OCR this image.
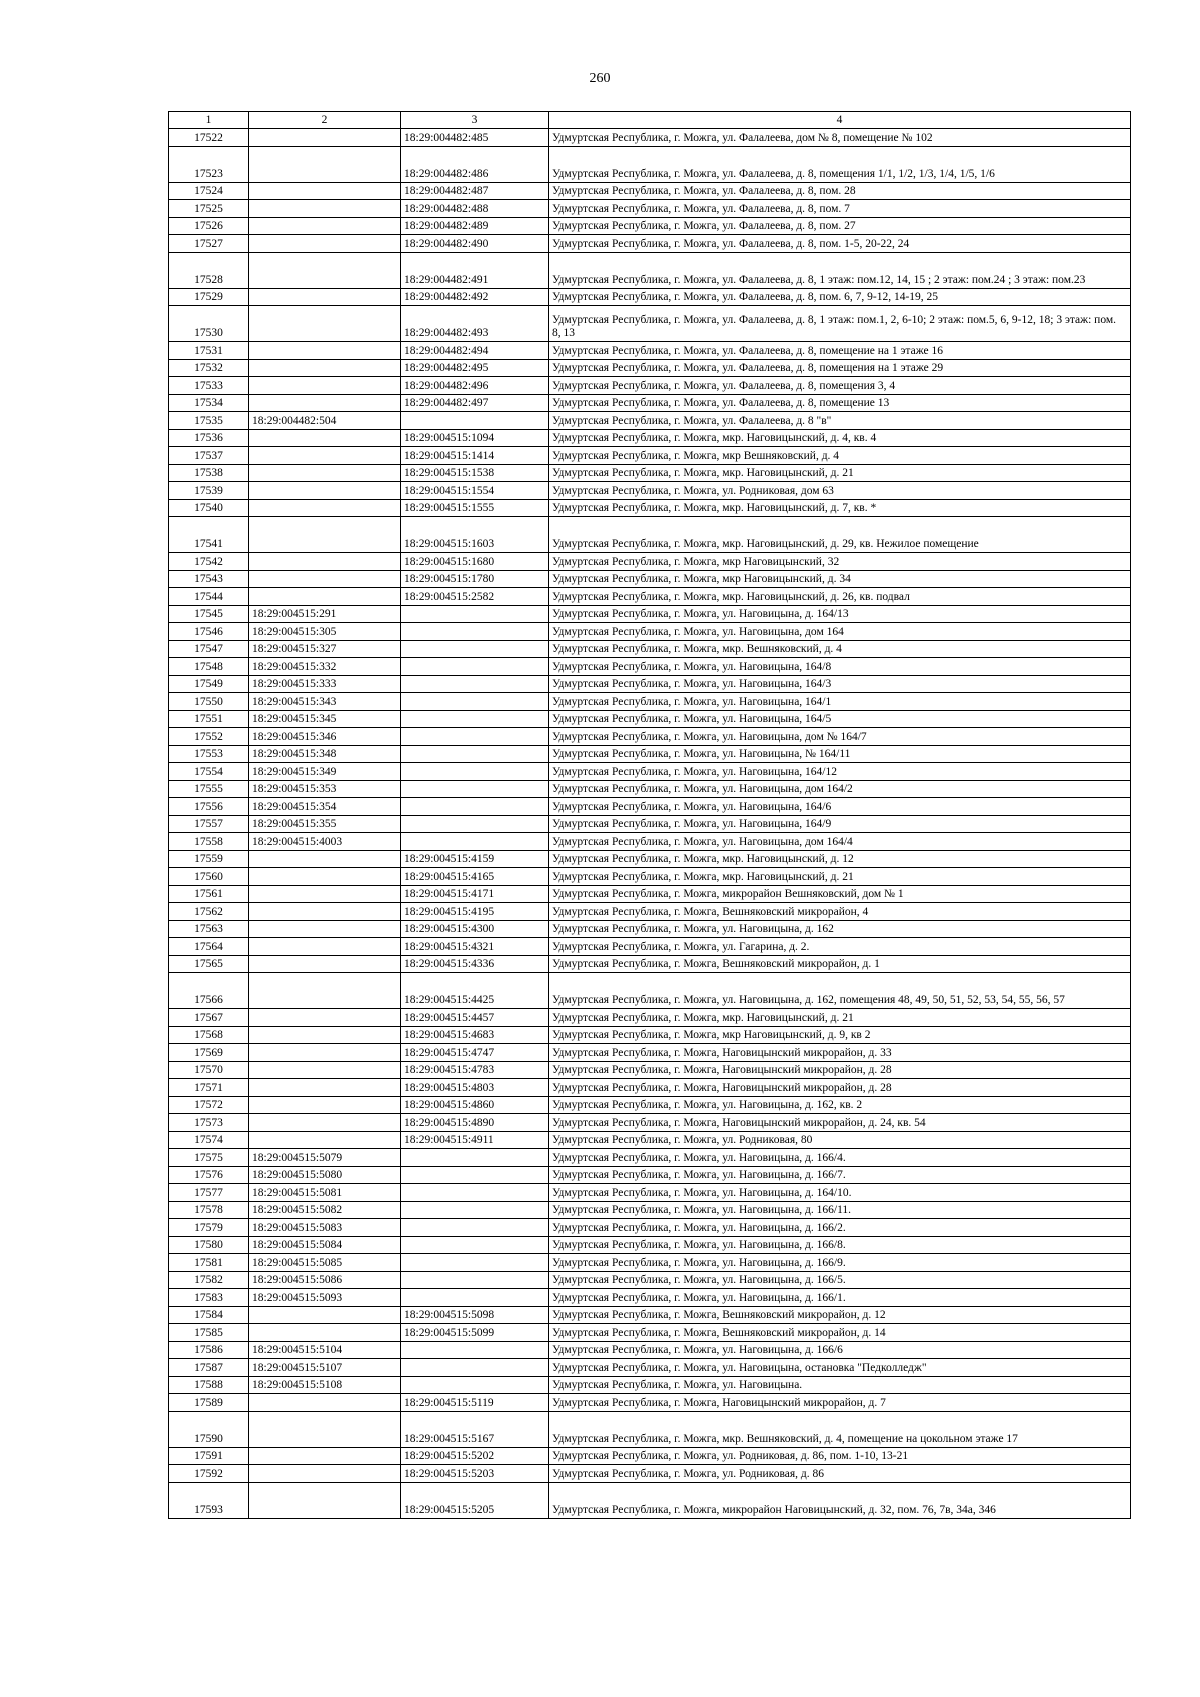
260
1	2	3	4
17522		18:29:004482:485	Удмуртская Республика, г. Можга, ул. Фалалеева, дом № 8, помещение № 102
17523		18:29:004482:486	Удмуртская Республика, г. Можга, ул. Фалалеева, д. 8, помещения 1/1, 1/2, 1/3, 1/4, 1/5, 1/6
17524		18:29:004482:487	Удмуртская Республика, г. Можга, ул. Фалалеева, д. 8, пом. 28
17525		18:29:004482:488	Удмуртская Республика, г. Можга, ул. Фалалеева, д. 8, пом. 7
17526		18:29:004482:489	Удмуртская Республика, г. Можга, ул. Фалалеева, д. 8, пом. 27
17527		18:29:004482:490	Удмуртская Республика, г. Можга, ул. Фалалеева, д. 8, пом. 1-5, 20-22, 24
17528		18:29:004482:491	Удмуртская Республика, г. Можга, ул. Фалалеева, д. 8, 1 этаж: пом.12, 14, 15 ; 2 этаж: пом.24 ; 3 этаж: пом.23
17529		18:29:004482:492	Удмуртская Республика, г. Можга, ул. Фалалеева, д. 8, пом. 6, 7, 9-12, 14-19, 25
17530		18:29:004482:493	Удмуртская Республика, г. Можга, ул. Фалалеева, д. 8, 1 этаж: пом.1, 2, 6-10; 2 этаж: пом.5, 6, 9-12, 18; 3 этаж: пом. 8, 13
17531		18:29:004482:494	Удмуртская Республика, г. Можга, ул. Фалалеева, д. 8, помещение на 1 этаже 16
17532		18:29:004482:495	Удмуртская Республика, г. Можга, ул. Фалалеева, д. 8, помещения на 1 этаже 29
17533		18:29:004482:496	Удмуртская Республика, г. Можга, ул. Фалалеева, д. 8, помещения 3, 4
17534		18:29:004482:497	Удмуртская Республика, г. Можга, ул. Фалалеева, д. 8, помещение 13
17535	18:29:004482:504		Удмуртская Республика, г. Можга, ул. Фалалеева, д. 8 "в"
17536		18:29:004515:1094	Удмуртская Республика, г. Можга, мкр. Наговицынский, д. 4, кв. 4
17537		18:29:004515:1414	Удмуртская Республика, г. Можга, мкр Вешняковский, д. 4
17538		18:29:004515:1538	Удмуртская Республика, г. Можга, мкр. Наговицынский, д. 21
17539		18:29:004515:1554	Удмуртская Республика, г. Можга, ул. Родниковая, дом 63
17540		18:29:004515:1555	Удмуртская Республика, г. Можга, мкр. Наговицынский, д. 7, кв. *
17541		18:29:004515:1603	Удмуртская Республика, г. Можга, мкр. Наговицынский, д. 29, кв. Нежилое помещение
17542		18:29:004515:1680	Удмуртская Республика, г. Можга, мкр Наговицынский, 32
17543		18:29:004515:1780	Удмуртская Республика, г. Можга, мкр Наговицынский, д. 34
17544		18:29:004515:2582	Удмуртская Республика, г. Можга, мкр. Наговицынский, д. 26, кв. подвал
17545	18:29:004515:291		Удмуртская Республика, г. Можга, ул. Наговицына, д. 164/13
17546	18:29:004515:305		Удмуртская Республика, г. Можга, ул. Наговицына, дом 164
17547	18:29:004515:327		Удмуртская Республика, г. Можга, мкр. Вешняковский, д. 4
17548	18:29:004515:332		Удмуртская Республика, г. Можга, ул. Наговицына, 164/8
17549	18:29:004515:333		Удмуртская Республика, г. Можга, ул. Наговицына, 164/3
17550	18:29:004515:343		Удмуртская Республика, г. Можга, ул. Наговицына, 164/1
17551	18:29:004515:345		Удмуртская Республика, г. Можга, ул. Наговицына, 164/5
17552	18:29:004515:346		Удмуртская Республика, г. Можга, ул. Наговицына, дом № 164/7
17553	18:29:004515:348		Удмуртская Республика, г. Можга, ул. Наговицына, № 164/11
17554	18:29:004515:349		Удмуртская Республика, г. Можга, ул. Наговицына, 164/12
17555	18:29:004515:353		Удмуртская Республика, г. Можга, ул. Наговицына, дом 164/2
17556	18:29:004515:354		Удмуртская Республика, г. Можга, ул. Наговицына, 164/6
17557	18:29:004515:355		Удмуртская Республика, г. Можга, ул. Наговицына, 164/9
17558	18:29:004515:4003		Удмуртская Республика, г. Можга, ул. Наговицына, дом 164/4
17559		18:29:004515:4159	Удмуртская Республика, г. Можга, мкр. Наговицынский, д. 12
17560		18:29:004515:4165	Удмуртская Республика, г. Можга, мкр. Наговицынский, д. 21
17561		18:29:004515:4171	Удмуртская Республика, г. Можга, микрорайон Вешняковский, дом № 1
17562		18:29:004515:4195	Удмуртская Республика, г. Можга, Вешняковский микрорайон, 4
17563		18:29:004515:4300	Удмуртская Республика, г. Можга, ул. Наговицына, д. 162
17564		18:29:004515:4321	Удмуртская Республика, г. Можга, ул. Гагарина, д. 2.
17565		18:29:004515:4336	Удмуртская Республика, г. Можга, Вешняковский микрорайон, д. 1
17566		18:29:004515:4425	Удмуртская Республика, г. Можга, ул. Наговицына, д. 162, помещения 48, 49, 50, 51, 52, 53, 54, 55, 56, 57
17567		18:29:004515:4457	Удмуртская Республика, г. Можга, мкр. Наговицынский, д. 21
17568		18:29:004515:4683	Удмуртская Республика, г. Можга, мкр Наговицынский, д. 9, кв 2
17569		18:29:004515:4747	Удмуртская Республика, г. Можга, Наговицынский микрорайон, д. 33
17570		18:29:004515:4783	Удмуртская Республика, г. Можга, Наговицынский микрорайон, д. 28
17571		18:29:004515:4803	Удмуртская Республика, г. Можга, Наговицынский микрорайон, д. 28
17572		18:29:004515:4860	Удмуртская Республика, г. Можга, ул. Наговицына, д. 162, кв. 2
17573		18:29:004515:4890	Удмуртская Республика, г. Можга, Наговицынский микрорайон, д. 24, кв. 54
17574		18:29:004515:4911	Удмуртская Республика, г. Можга, ул. Родниковая, 80
17575	18:29:004515:5079		Удмуртская Республика, г. Можга, ул. Наговицына, д. 166/4.
17576	18:29:004515:5080		Удмуртская Республика, г. Можга, ул. Наговицына, д. 166/7.
17577	18:29:004515:5081		Удмуртская Республика, г. Можга, ул. Наговицына, д. 164/10.
17578	18:29:004515:5082		Удмуртская Республика, г. Можга, ул. Наговицына, д. 166/11.
17579	18:29:004515:5083		Удмуртская Республика, г. Можга, ул. Наговицына, д. 166/2.
17580	18:29:004515:5084		Удмуртская Республика, г. Можга, ул. Наговицына, д. 166/8.
17581	18:29:004515:5085		Удмуртская Республика, г. Можга, ул. Наговицына, д. 166/9.
17582	18:29:004515:5086		Удмуртская Республика, г. Можга, ул. Наговицына, д. 166/5.
17583	18:29:004515:5093		Удмуртская Республика, г. Можга, ул. Наговицына, д. 166/1.
17584		18:29:004515:5098	Удмуртская Республика, г. Можга, Вешняковский микрорайон, д. 12
17585		18:29:004515:5099	Удмуртская Республика, г. Можга, Вешняковский микрорайон, д. 14
17586	18:29:004515:5104		Удмуртская Республика, г. Можга, ул. Наговицына, д. 166/6
17587	18:29:004515:5107		Удмуртская Республика, г. Можга, ул. Наговицына, остановка "Педколледж"
17588	18:29:004515:5108		Удмуртская Республика, г. Можга, ул. Наговицына.
17589		18:29:004515:5119	Удмуртская Республика, г. Можга, Наговицынский микрорайон, д. 7
17590		18:29:004515:5167	Удмуртская Республика, г. Можга, мкр. Вешняковский, д. 4, помещение на цокольном этаже 17
17591		18:29:004515:5202	Удмуртская Республика, г. Можга, ул. Родниковая, д. 86, пом. 1-10, 13-21
17592		18:29:004515:5203	Удмуртская Республика, г. Можга, ул. Родниковая, д. 86
17593		18:29:004515:5205	Удмуртская Республика, г. Можга, микрорайон Наговицынский, д. 32, пом. 76, 7в, 34а, 346
